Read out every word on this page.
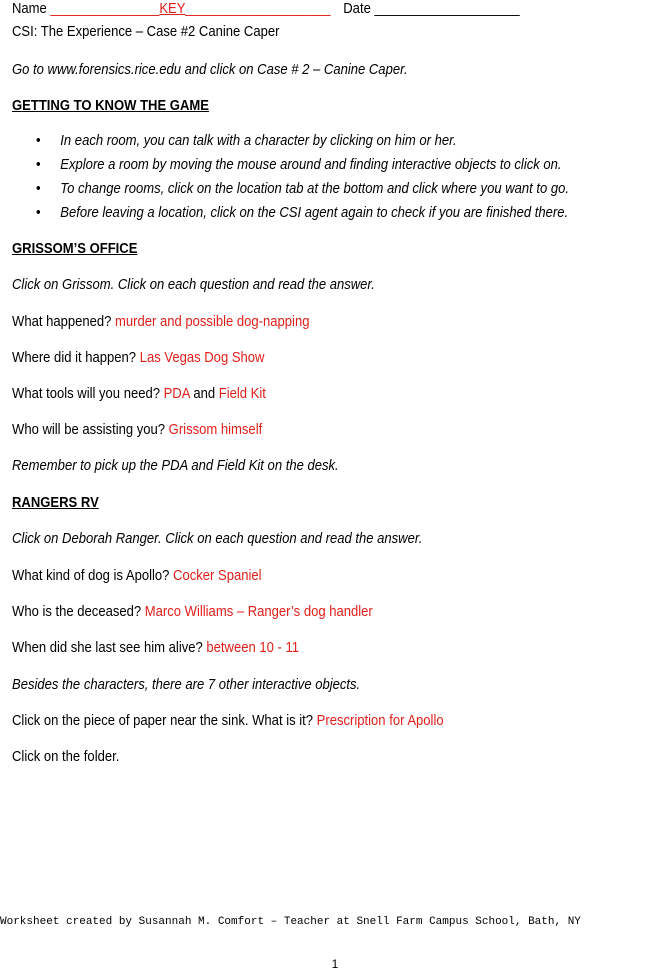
Name _______________KEY____________________ Date ____________________
CSI: The Experience – Case #2 Canine Caper
Go to www.forensics.rice.edu and click on Case # 2 – Canine Caper.
GETTING TO KNOW THE GAME
• In each room, you can talk with a character by clicking on him or her.
• Explore a room by moving the mouse around and finding interactive objects to click on.
• To change rooms, click on the location tab at the bottom and click where you want to go.
• Before leaving a location, click on the CSI agent again to check if you are finished there.
GRISSOM’S OFFICE
Click on Grissom. Click on each question and read the answer.
What happened? murder and possible dog-napping
Where did it happen? Las Vegas Dog Show
What tools will you need? PDA and Field Kit
Who will be assisting you? Grissom himself
Remember to pick up the PDA and Field Kit on the desk.
RANGERS RV
Click on Deborah Ranger. Click on each question and read the answer.
What kind of dog is Apollo? Cocker Spaniel
Who is the deceased? Marco Williams – Ranger’s dog handler
When did she last see him alive? between 10 - 11
Besides the characters, there are 7 other interactive objects.
Click on the piece of paper near the sink. What is it? Prescription for Apollo
Click on the folder.
Worksheet created by Susannah M. Comfort – Teacher at Snell Farm Campus School, Bath, NY
1
